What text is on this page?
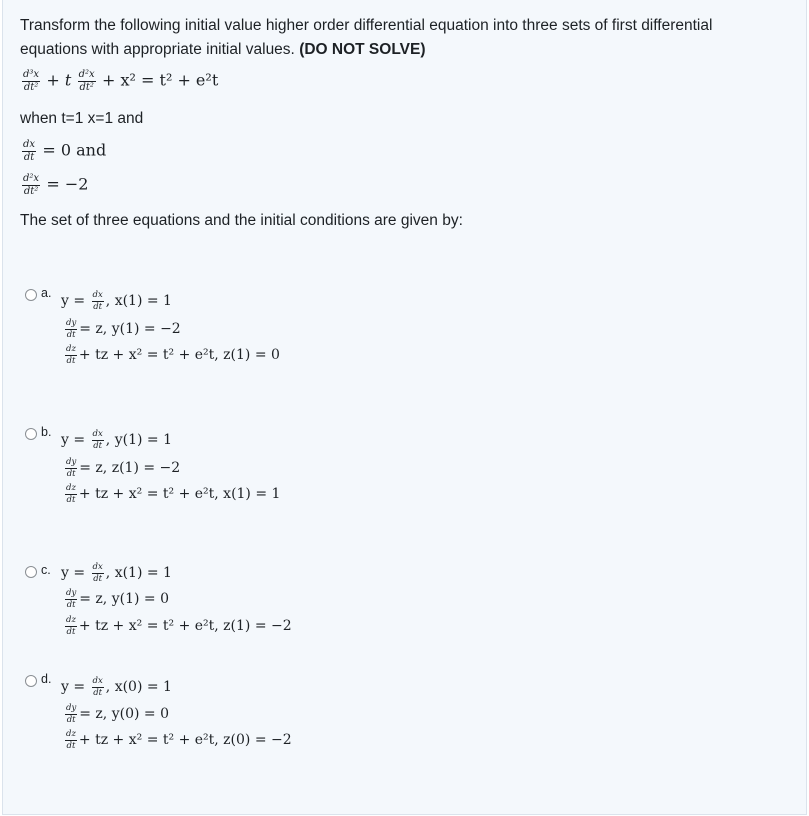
Transform the following initial value higher order differential equation into three sets of first differential equations with appropriate initial values. (DO NOT SOLVE)
$\frac{\text{d³x}}{\text{dt²}} + t \frac{\text{d²x}}{\text{dt²}} + x^2 = t^2 + e^2t$
when t=1 x=1 and
$\frac{dx}{dt} = 0$ and
$\frac{\text{d²x}}{\text{dt²}} = -2$
The set of three equations and the initial conditions are given by:
a. $y = \frac{dx}{dt}$ , x(1) = 1
$\frac{dy}{dt} = z$, y(1) = −2
$\frac{dz}{dt}$ + tz + x² = t² + e²t, z(1) = 0
b. $y = \frac{dx}{dt}$ , y(1) = 1
$\frac{dy}{dt} = z$, z(1) = −2
$\frac{dz}{dt}$ + tz + x² = t² + e²t, x(1) = 1
c. $y = \frac{dx}{dt}$ , x(1) = 1
$\frac{dy}{dt} = z$, y(1) = 0
$\frac{dz}{dt}$ + tz + x² = t² + e²t, z(1) = −2
d. $y = \frac{dx}{dt}$ , x(0) = 1
$\frac{dy}{dt} = z$, y(0) = 0
$\frac{dz}{dt}$ + tz + x² = t² + e²t, z(0) = −2
